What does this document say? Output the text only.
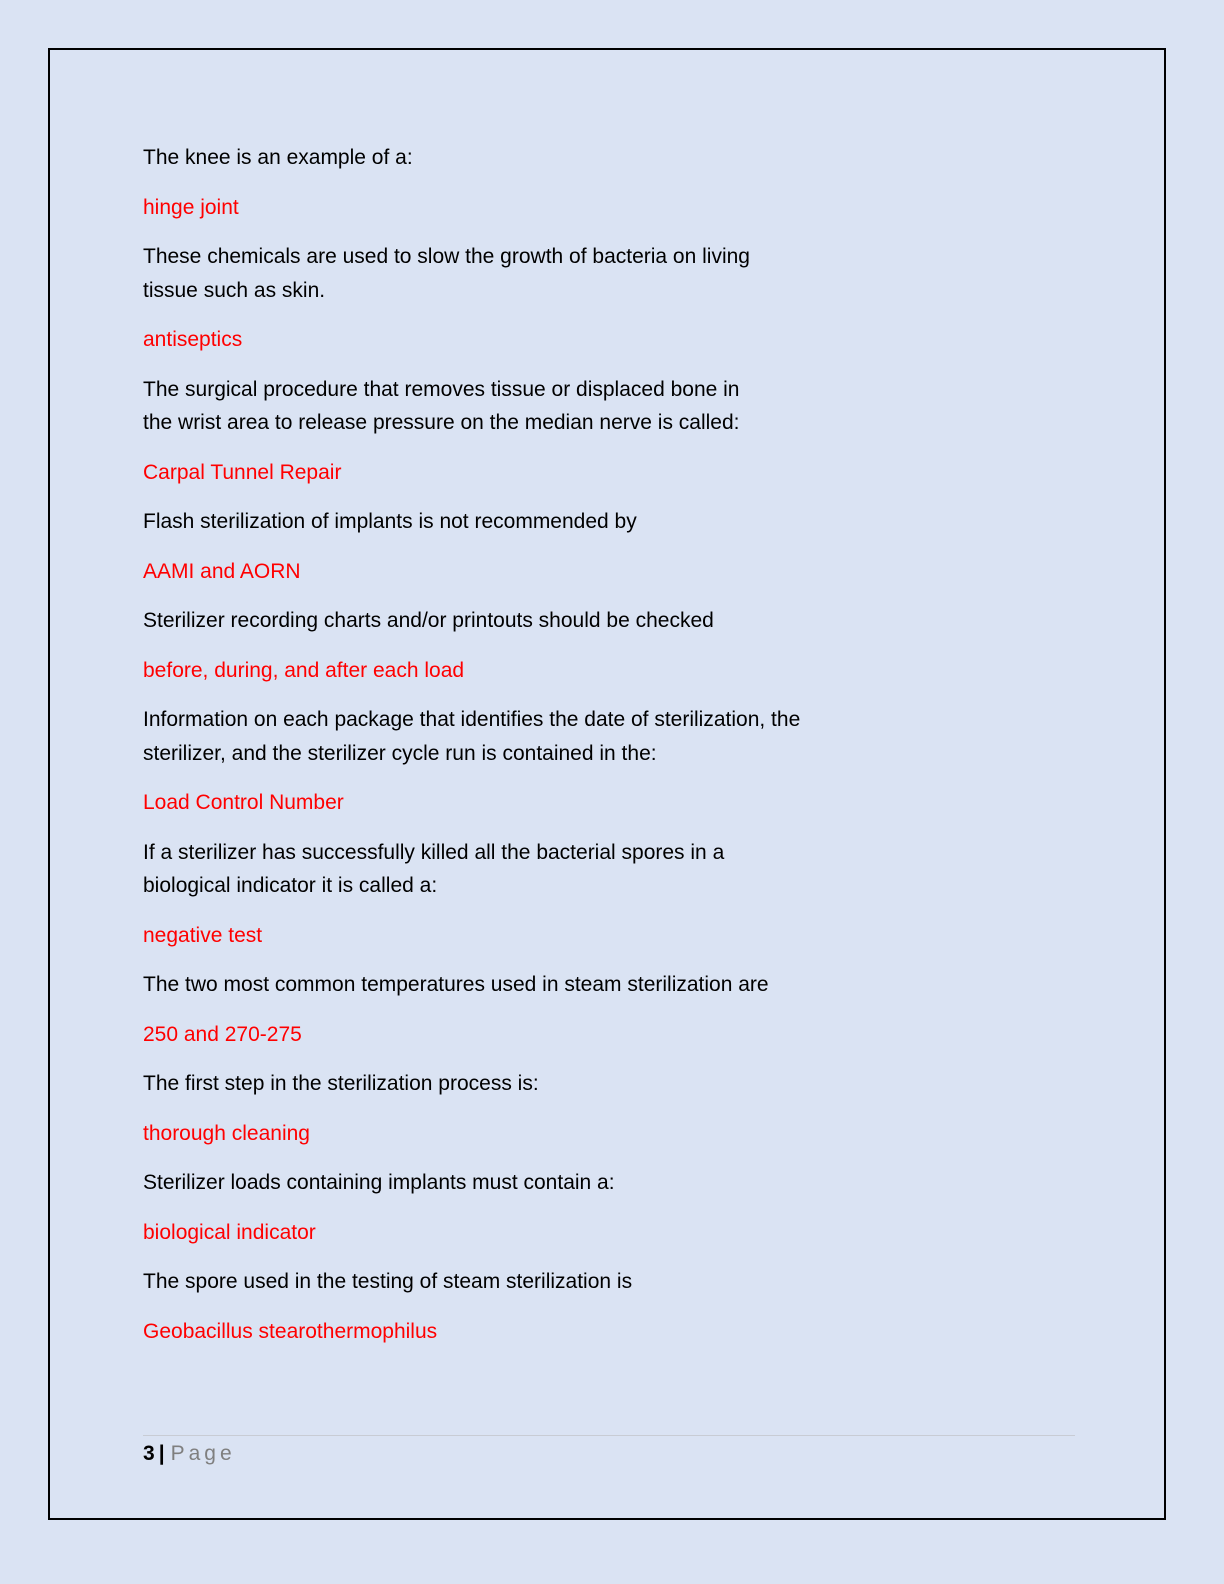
The knee is an example of a:

hinge joint

These chemicals are used to slow the growth of bacteria on living tissue such as skin.

antiseptics

The surgical procedure that removes tissue or displaced bone in the wrist area to release pressure on the median nerve is called:

Carpal Tunnel Repair

Flash sterilization of implants is not recommended by

AAMI and AORN

Sterilizer recording charts and/or printouts should be checked

before, during, and after each load

Information on each package that identifies the date of sterilization, the sterilizer, and the sterilizer cycle run is contained in the:

Load Control Number

If a sterilizer has successfully killed all the bacterial spores in a biological indicator it is called a:

negative test

The two most common temperatures used in steam sterilization are

250 and 270-275

The first step in the sterilization process is:

thorough cleaning

Sterilizer loads containing implants must contain a:

biological indicator

The spore used in the testing of steam sterilization is

Geobacillus stearothermophilus

3 | Page
